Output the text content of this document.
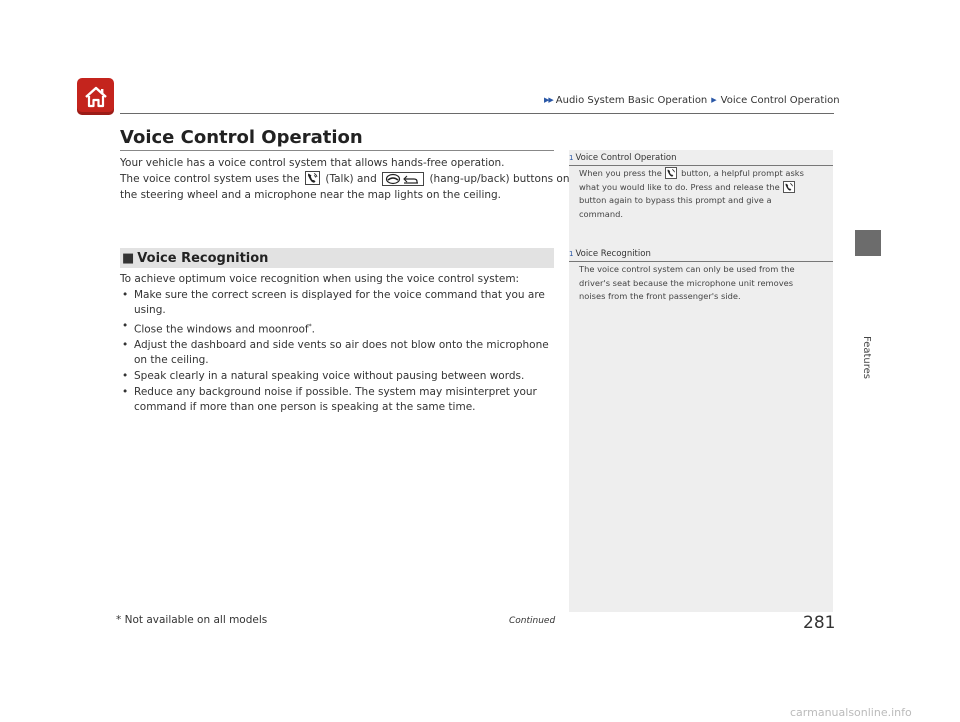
▶▶ Audio System Basic Operation ▶ Voice Control Operation
Features
Voice Control Operation

Your vehicle has a voice control system that allows hands-free operation.

The voice control system uses the (Talk) and	(hang-up/back) buttons on

the steering wheel and a microphone near the map lights on the ceiling.

■ Voice Recognition

To achieve optimum voice recognition when using the voice control system:

• Make sure the correct screen is displayed for the voice command that you are
using.
• Close the windows and moonroof*.
• Adjust the dashboard and side vents so air does not blow onto the microphone
on the ceiling.
• Speak clearly in a natural speaking voice without pausing between words.
• Reduce any background noise if possible. The system may misinterpret your
command if more than one person is speaking at the same time.
1 Voice Control Operation

When you press the button, a helpful prompt asks

what you would like to do. Press and release the

button again to bypass this prompt and give a

command.

1 Voice Recognition

The voice control system can only be used from the

driver's seat because the microphone unit removes

noises from the front passenger's side.

* Not available on all models	Continued	281
carmanualsonline.info
